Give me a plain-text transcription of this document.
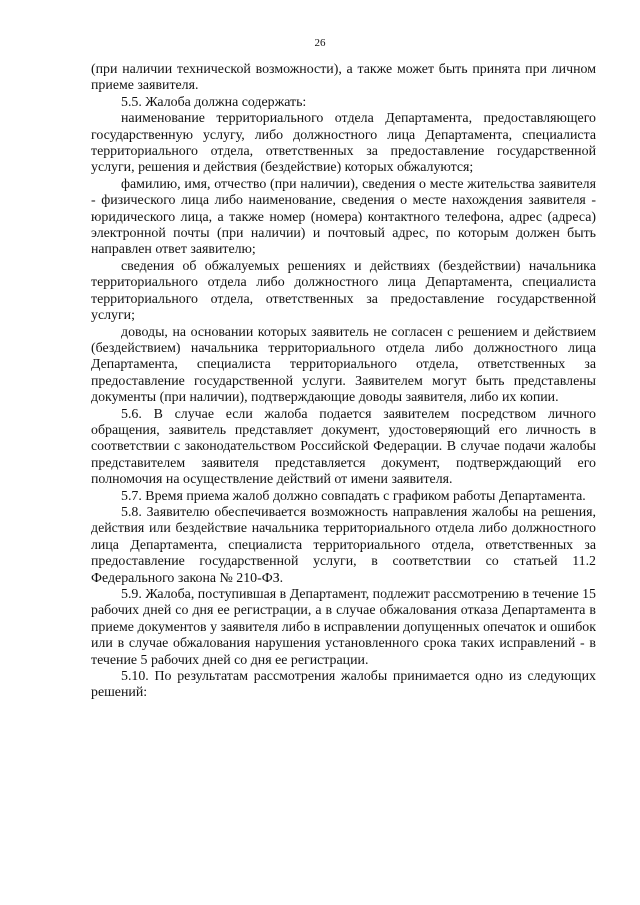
26

(при наличии технической возможности), а также может быть принята при личном приеме заявителя.

5.5. Жалоба должна содержать:

наименование территориального отдела Департамента, предоставляющего государственную услугу, либо должностного лица Департамента, специалиста территориального отдела, ответственных за предоставление государственной услуги, решения и действия (бездействие) которых обжалуются;

фамилию, имя, отчество (при наличии), сведения о месте жительства заявителя - физического лица либо наименование, сведения о месте нахождения заявителя - юридического лица, а также номер (номера) контактного телефона, адрес (адреса) электронной почты (при наличии) и почтовый адрес, по которым должен быть направлен ответ заявителю;

сведения об обжалуемых решениях и действиях (бездействии) начальника территориального отдела либо должностного лица Департамента, специалиста территориального отдела, ответственных за предоставление государственной услуги;

доводы, на основании которых заявитель не согласен с решением и действием (бездействием) начальника территориального отдела либо должностного лица Департамента, специалиста территориального отдела, ответственных за предоставление государственной услуги. Заявителем могут быть представлены документы (при наличии), подтверждающие доводы заявителя, либо их копии.

5.6. В случае если жалоба подается заявителем посредством личного обращения, заявитель представляет документ, удостоверяющий его личность в соответствии с законодательством Российской Федерации. В случае подачи жалобы представителем заявителя представляется документ, подтверждающий его полномочия на осуществление действий от имени заявителя.

5.7. Время приема жалоб должно совпадать с графиком работы Департамента.

5.8. Заявителю обеспечивается возможность направления жалобы на решения, действия или бездействие начальника территориального отдела либо должностного лица Департамента, специалиста территориального отдела, ответственных за предоставление государственной услуги, в соответствии со статьей 11.2 Федерального закона № 210-ФЗ.

5.9. Жалоба, поступившая в Департамент, подлежит рассмотрению в течение 15 рабочих дней со дня ее регистрации, а в случае обжалования отказа Департамента в приеме документов у заявителя либо в исправлении допущенных опечаток и ошибок или в случае обжалования нарушения установленного срока таких исправлений - в течение 5 рабочих дней со дня ее регистрации.

5.10. По результатам рассмотрения жалобы принимается одно из следующих решений:
